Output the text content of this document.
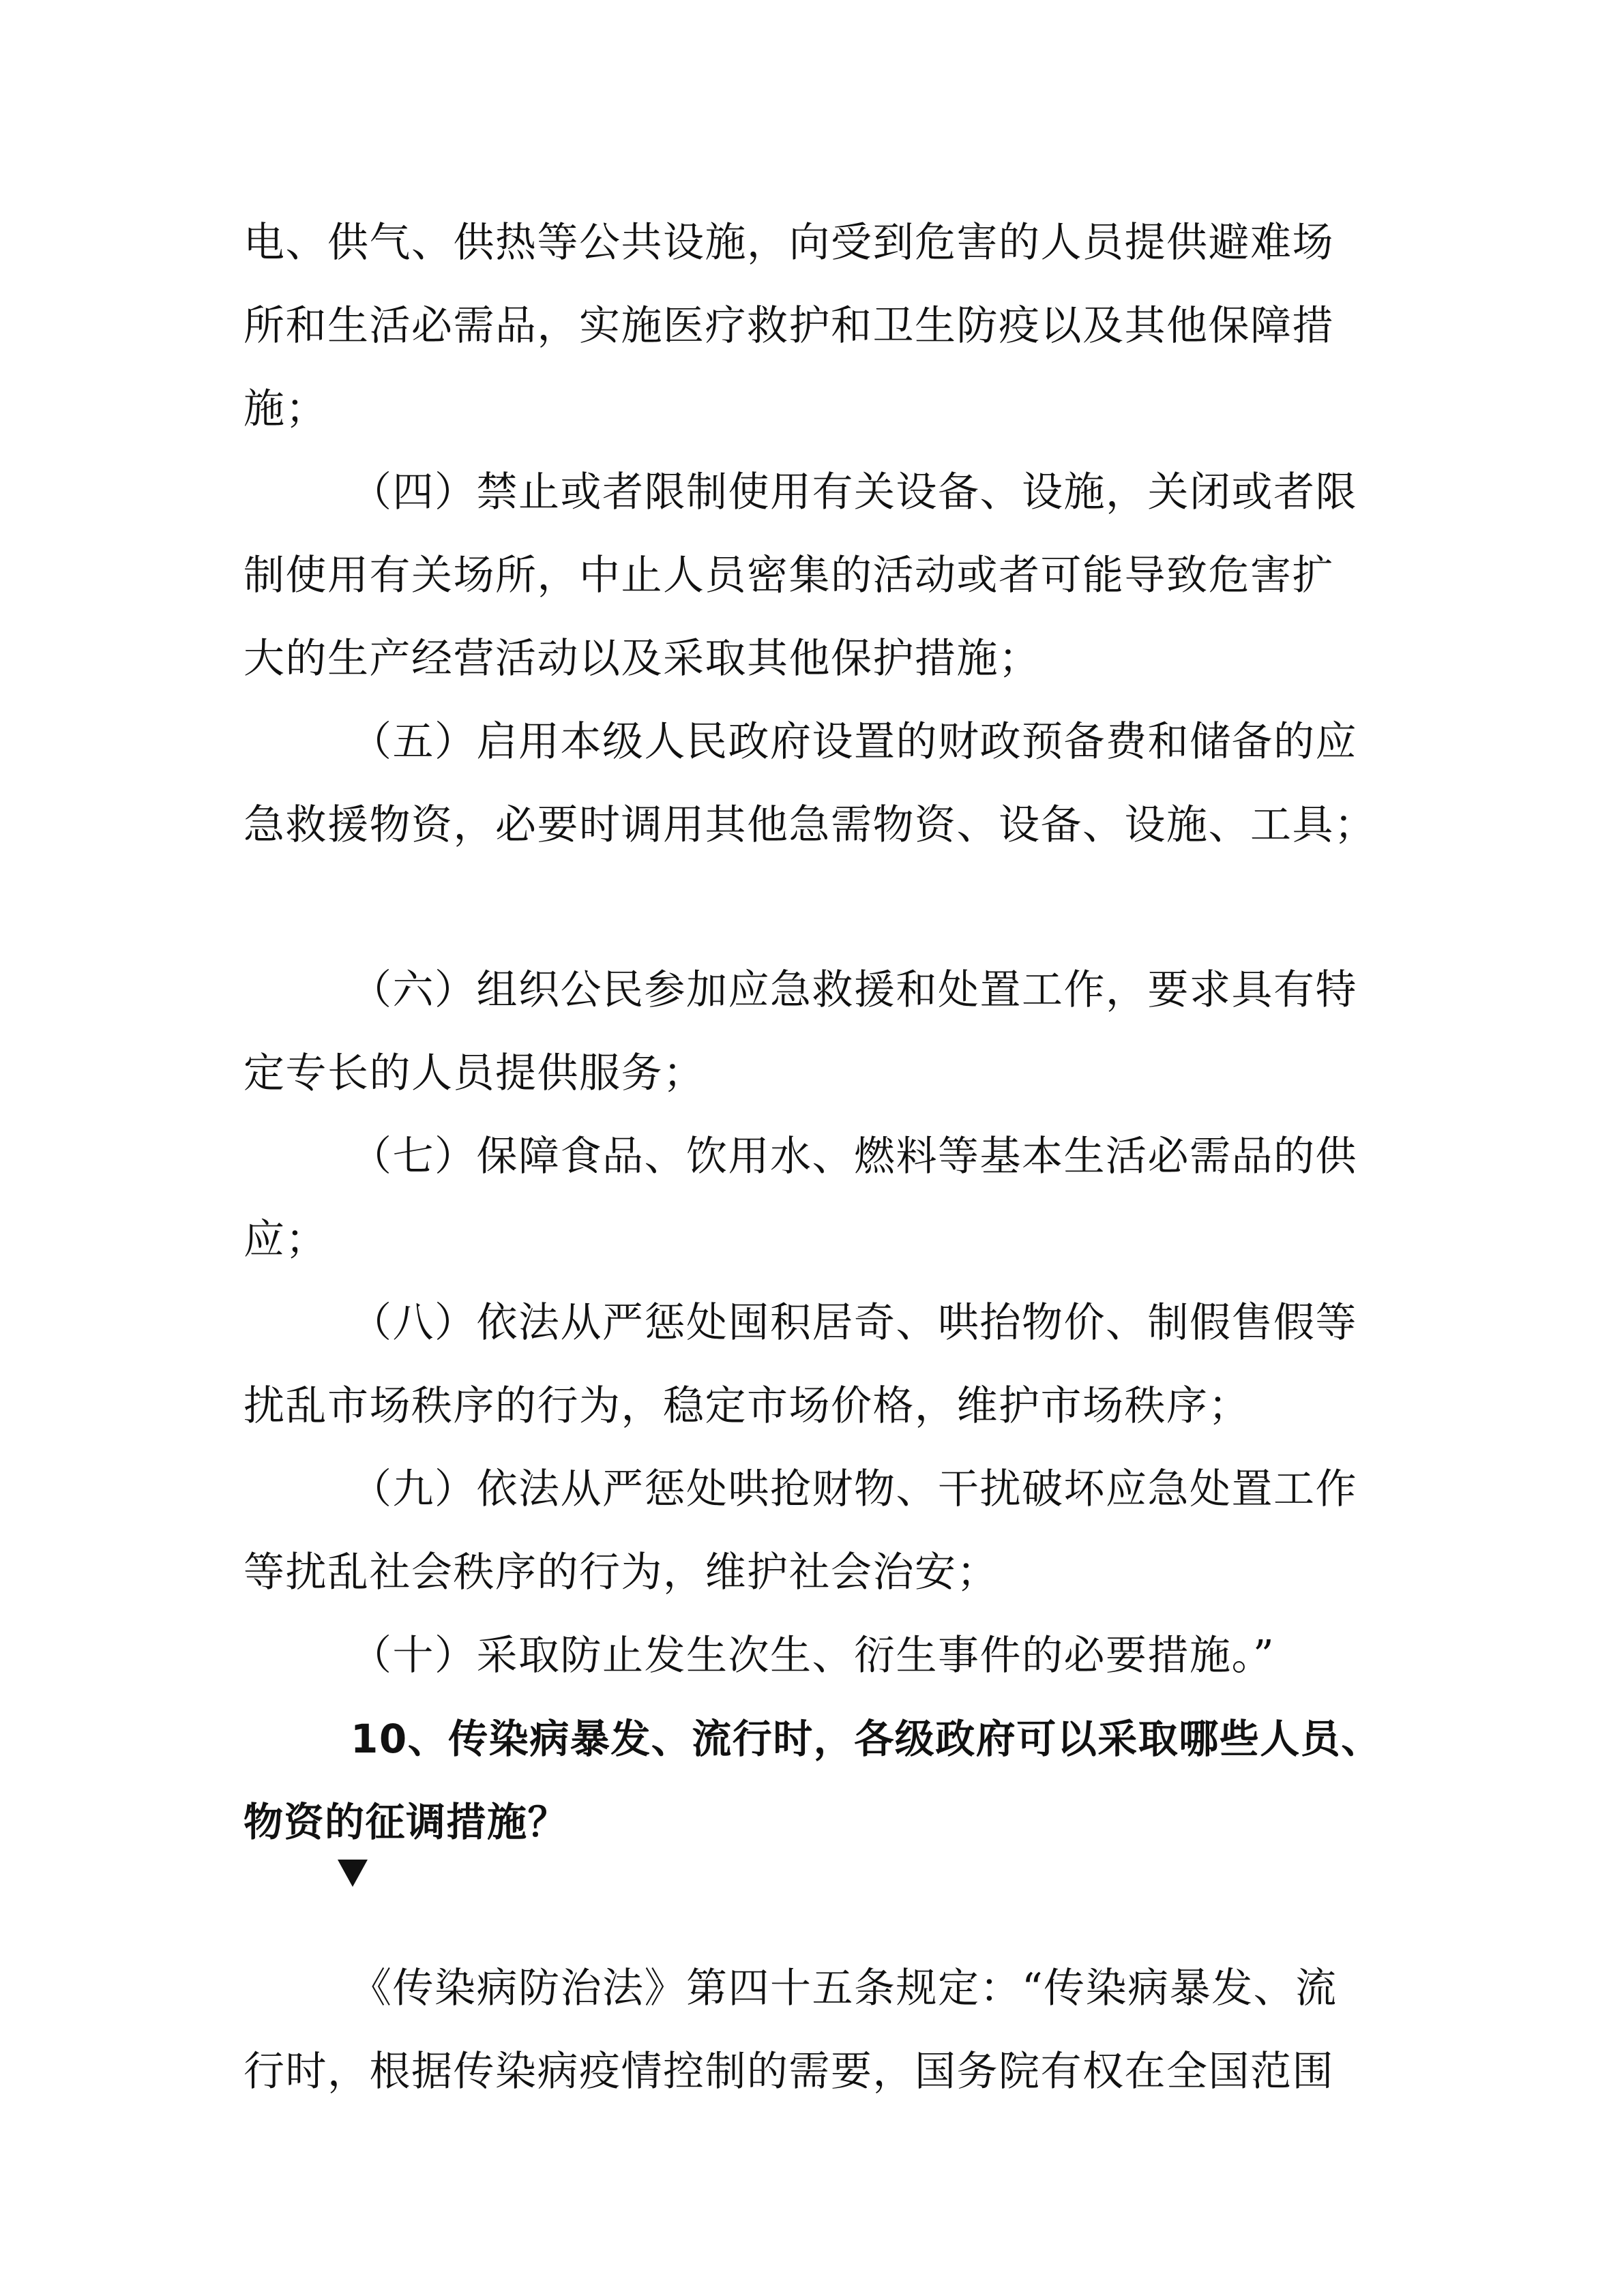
电、供气、供热等公共设施，向受到危害的人员提供避难场
所和生活必需品，实施医疗救护和卫生防疫以及其他保障措
施；
（四）禁止或者限制使用有关设备、设施，关闭或者限
制使用有关场所，中止人员密集的活动或者可能导致危害扩
大的生产经营活动以及采取其他保护措施；
（五）启用本级人民政府设置的财政预备费和储备的应
急救援物资，必要时调用其他急需物资、设备、设施、工具；
（六）组织公民参加应急救援和处置工作，要求具有特
定专长的人员提供服务；
（七）保障食品、饮用水、燃料等基本生活必需品的供
应；
（八）依法从严惩处囤积居奇、哄抬物价、制假售假等
扰乱市场秩序的行为，稳定市场价格，维护市场秩序；
（九）依法从严惩处哄抢财物、干扰破坏应急处置工作
等扰乱社会秩序的行为，维护社会治安；
（十）采取防止发生次生、衍生事件的必要措施。”
10、传染病暴发、流行时，各级政府可以采取哪些人员、
物资的征调措施？
《传染病防治法》第四十五条规定：“传染病暴发、流
行时，根据传染病疫情控制的需要，国务院有权在全国范围
